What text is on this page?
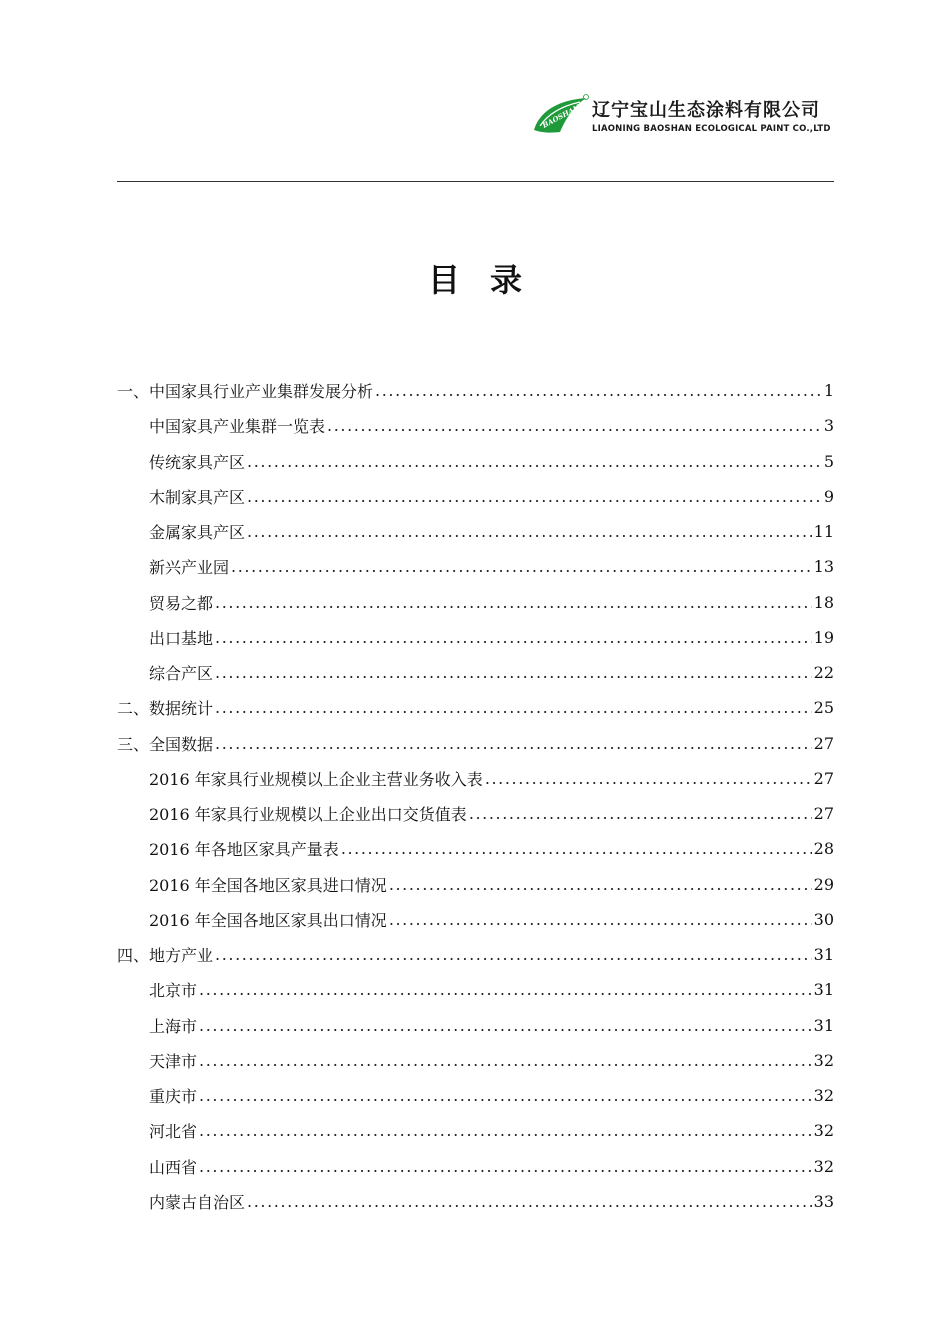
BAOSHAN 辽宁宝山生态涂料有限公司
LIAONING BAOSHAN ECOLOGICAL PAINT CO.,LTD
目录
一、中国家具行业产业集群发展分析 .....	1
中国家具产业集群一览表 .....	3
传统家具产区 .....	5
木制家具产区 .....	9
金属家具产区 .....	11
新兴产业园 .....	13
贸易之都 .....	18
出口基地 .....	19
综合产区 .....	22
二、数据统计 .....	25
三、全国数据 .....	27
2016 年家具行业规模以上企业主营业务收入表 .....	27
2016 年家具行业规模以上企业出口交货值表 .....	27
2016 年各地区家具产量表 .....	28
2016 年全国各地区家具进口情况 .....	29
2016 年全国各地区家具出口情况 .....	30
四、地方产业 .....	31
北京市 .....	31
上海市 .....	31
天津市 .....	32
重庆市 .....	32
河北省 .....	32
山西省 .....	32
内蒙古自治区 .....	33
